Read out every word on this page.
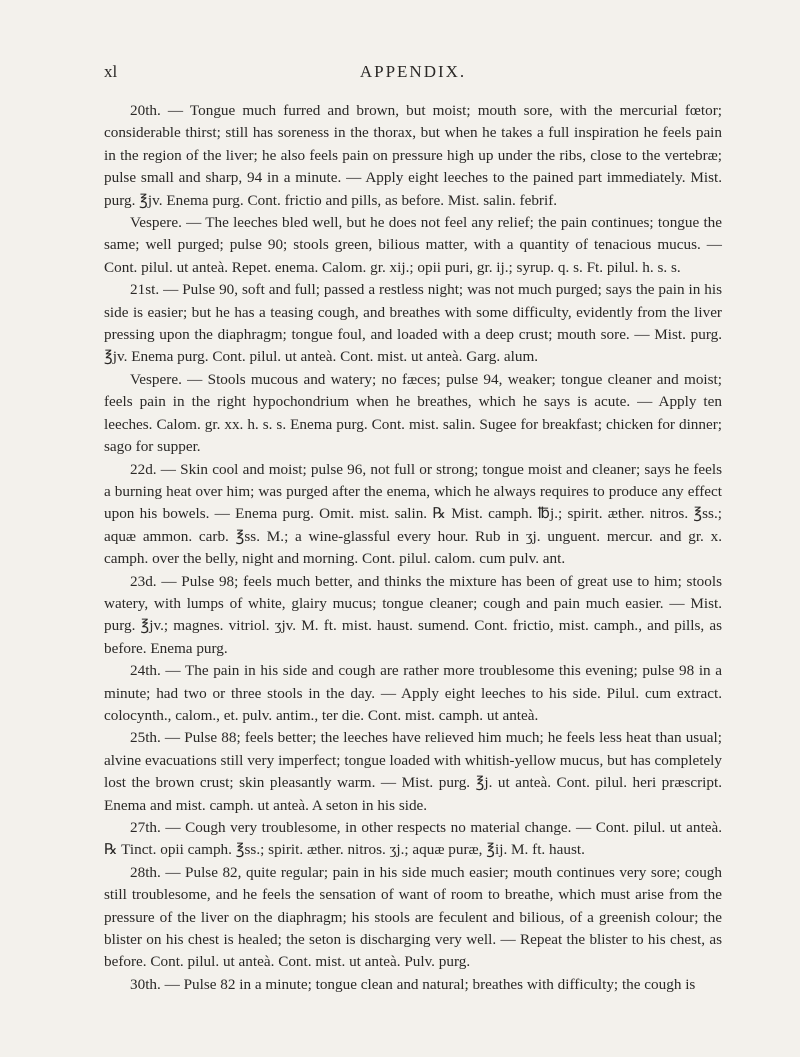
xl	APPENDIX.

20th. — Tongue much furred and brown, but moist; mouth sore, with the mercurial fœtor; considerable thirst; still has soreness in the thorax, but when he takes a full inspiration he feels pain in the region of the liver; he also feels pain on pressure high up under the ribs, close to the vertebræ; pulse small and sharp, 94 in a minute. — Apply eight leeches to the pained part immediately. Mist. purg. ℥jv. Enema purg. Cont. frictio and pills, as before. Mist. salin. febrif.

Vespere. — The leeches bled well, but he does not feel any relief; the pain continues; tongue the same; well purged; pulse 90; stools green, bilious matter, with a quantity of tenacious mucus. — Cont. pilul. ut anteà. Repet. enema. Calom. gr. xij.; opii puri, gr. ij.; syrup. q. s. Ft. pilul. h. s. s.

21st. — Pulse 90, soft and full; passed a restless night; was not much purged; says the pain in his side is easier; but he has a teasing cough, and breathes with some difficulty, evidently from the liver pressing upon the diaphragm; tongue foul, and loaded with a deep crust; mouth sore. — Mist. purg. ℥jv. Enema purg. Cont. pilul. ut anteà. Cont. mist. ut anteà. Garg. alum.

Vespere. — Stools mucous and watery; no fæces; pulse 94, weaker; tongue cleaner and moist; feels pain in the right hypochondrium when he breathes, which he says is acute. — Apply ten leeches. Calom. gr. xx. h. s. s. Enema purg. Cont. mist. salin. Sugee for breakfast; chicken for dinner; sago for supper.

22d. — Skin cool and moist; pulse 96, not full or strong; tongue moist and cleaner; says he feels a burning heat over him; was purged after the enema, which he always requires to produce any effect upon his bowels. — Enema purg. Omit. mist. salin. ℞ Mist. camph. ℔j.; spirit. æther. nitros. ℥ss.; aquæ ammon. carb. ℥ss. M.; a wine-glassful every hour. Rub in ʒj. unguent. mercur. and gr. x. camph. over the belly, night and morning. Cont. pilul. calom. cum pulv. ant.

23d. — Pulse 98; feels much better, and thinks the mixture has been of great use to him; stools watery, with lumps of white, glairy mucus; tongue cleaner; cough and pain much easier. — Mist. purg. ℥jv.; magnes. vitriol. ʒjv. M. ft. mist. haust. sumend. Cont. frictio, mist. camph., and pills, as before. Enema purg.

24th. — The pain in his side and cough are rather more troublesome this evening; pulse 98 in a minute; had two or three stools in the day. — Apply eight leeches to his side. Pilul. cum extract. colocynth., calom., et. pulv. antim., ter die. Cont. mist. camph. ut anteà.

25th. — Pulse 88; feels better; the leeches have relieved him much; he feels less heat than usual; alvine evacuations still very imperfect; tongue loaded with whitish-yellow mucus, but has completely lost the brown crust; skin pleasantly warm. — Mist. purg. ℥j. ut anteà. Cont. pilul. heri præscript. Enema and mist. camph. ut anteà. A seton in his side.

27th. — Cough very troublesome, in other respects no material change. — Cont. pilul. ut anteà. ℞ Tinct. opii camph. ℥ss.; spirit. æther. nitros. ʒj.; aquæ puræ, ℥ij. M. ft. haust.

28th. — Pulse 82, quite regular; pain in his side much easier; mouth continues very sore; cough still troublesome, and he feels the sensation of want of room to breathe, which must arise from the pressure of the liver on the diaphragm; his stools are feculent and bilious, of a greenish colour; the blister on his chest is healed; the seton is discharging very well. — Repeat the blister to his chest, as before. Cont. pilul. ut anteà. Cont. mist. ut anteà. Pulv. purg.

30th. — Pulse 82 in a minute; tongue clean and natural; breathes with difficulty; the cough is
